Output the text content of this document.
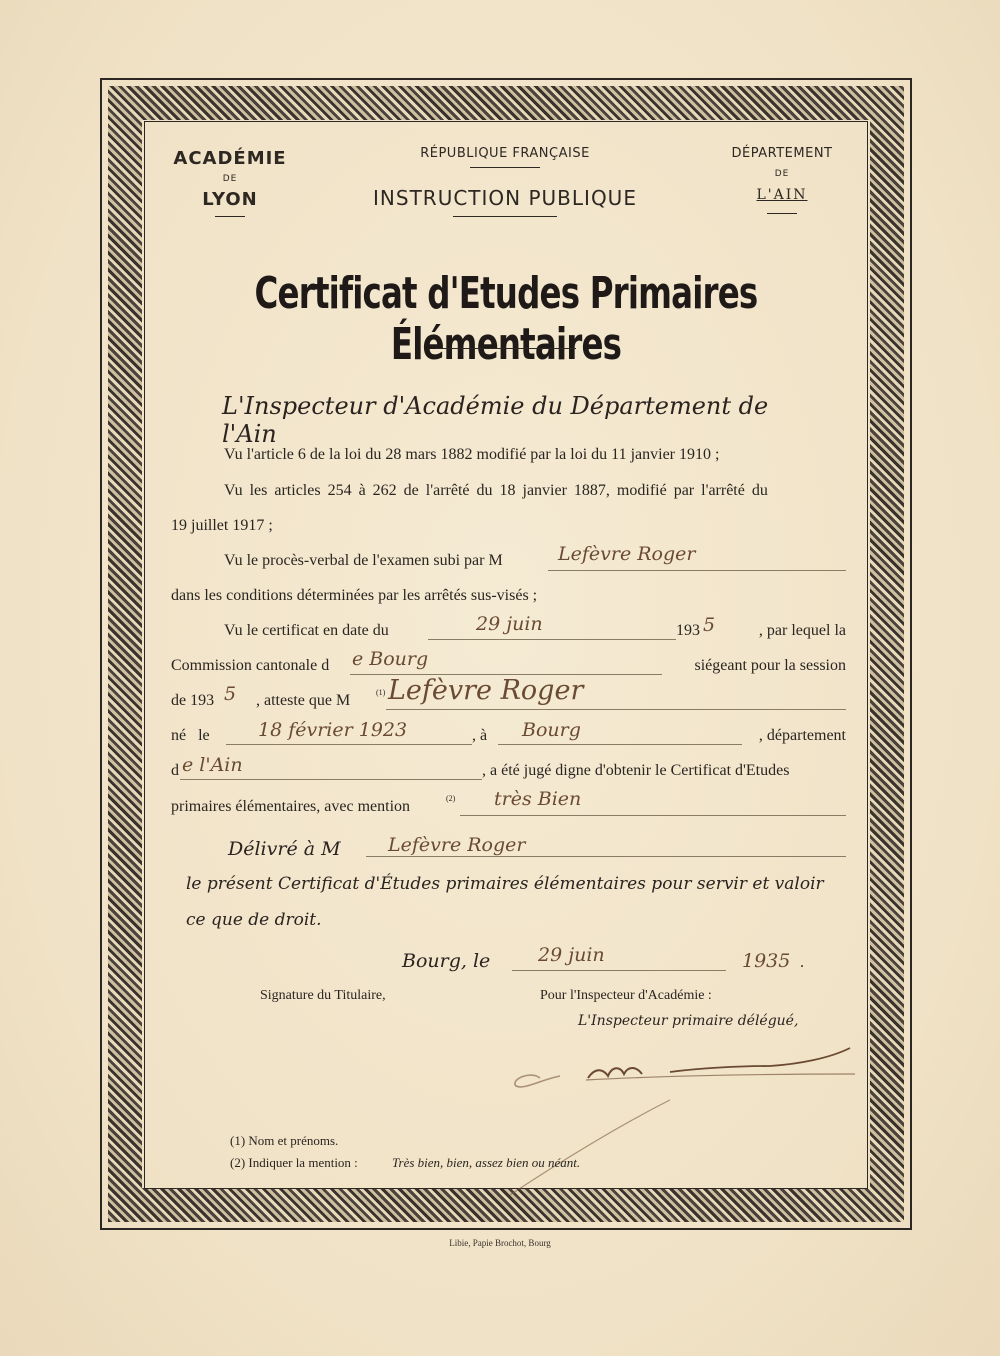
ACADÉMIE
DE
LYON
RÉPUBLIQUE FRANÇAISE
INSTRUCTION PUBLIQUE
DÉPARTEMENT
DE
L'AIN
Certificat d'Etudes Primaires Élémentaires
L'Inspecteur d'Académie du Département de l'Ain
Vu l'article 6 de la loi du 28 mars 1882 modifié par la loi du 11 janvier 1910 ;
Vu les articles 254 à 262 de l'arrêté du 18 janvier 1887, modifié par l'arrêté du
19 juillet 1917 ;
Vu le procès-verbal de l'examen subi par M	Lefèvre Roger
dans les conditions déterminées par les arrêtés sus-visés ;
Vu le certificat en date du	29 juin	193 5	, par lequel la
Commission cantonale d e Bourg	siégeant pour la session
de 193 5 , atteste que M	(1) Lefèvre Roger
né le	18 février 1923	, à Bourg	, département
d e l'Ain	, a été jugé digne d'obtenir le Certificat d'Etudes
primaires élémentaires, avec mention	(2) très Bien
Délivré à M Lefèvre Roger
le présent Certificat d'Études primaires élémentaires pour servir et valoir
ce que de droit.
Bourg, le	29 juin	1935 .
Signature du Titulaire,	Pour l'Inspecteur d'Académie :
L'Inspecteur primaire délégué,
(1) Nom et prénoms.
(2) Indiquer la mention :	Très bien, bien, assez bien ou néant.
Libie, Papie Brochot, Bourg
